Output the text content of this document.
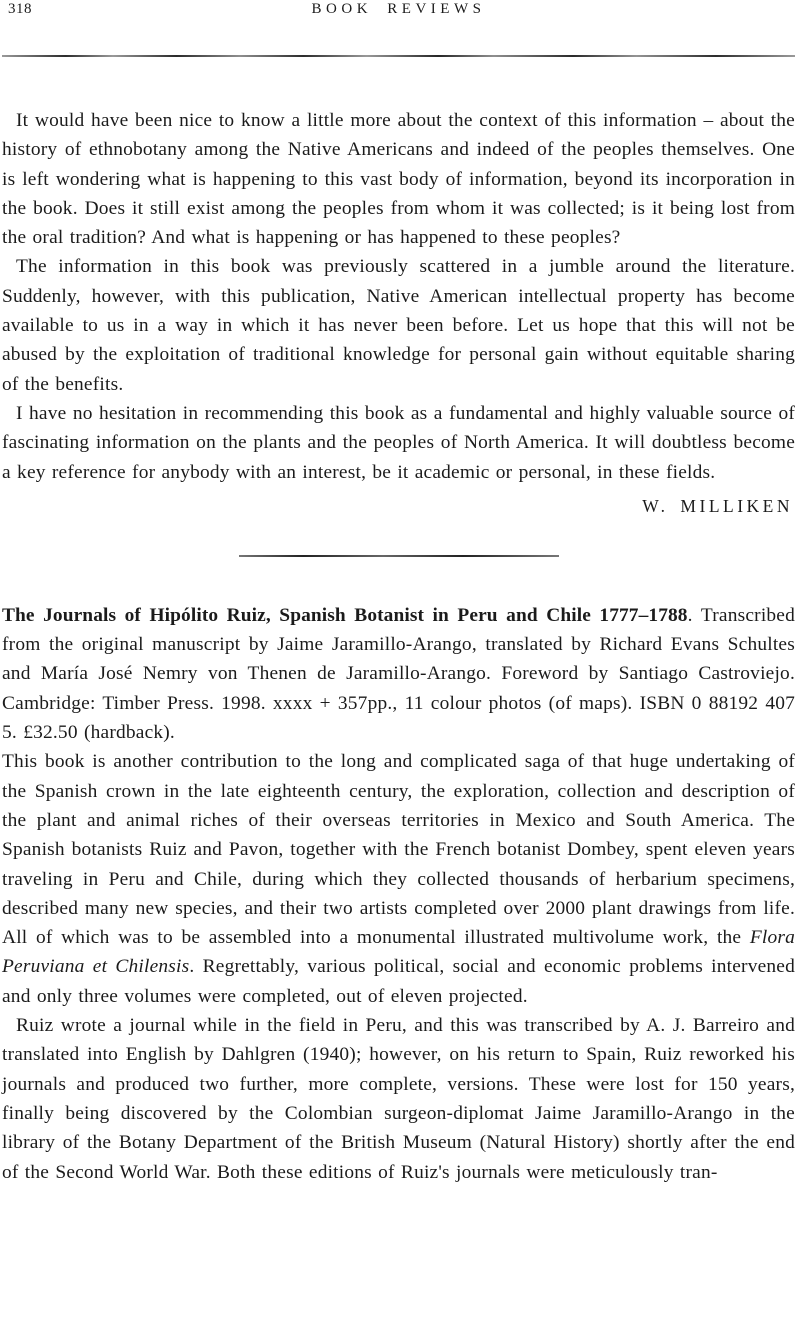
318	BOOK REVIEWS

It would have been nice to know a little more about the context of this information – about the history of ethnobotany among the Native Americans and indeed of the peoples themselves. One is left wondering what is happening to this vast body of information, beyond its incorporation in the book. Does it still exist among the peoples from whom it was collected; is it being lost from the oral tradition? And what is happening or has happened to these peoples?

The information in this book was previously scattered in a jumble around the literature. Suddenly, however, with this publication, Native American intellectual property has become available to us in a way in which it has never been before. Let us hope that this will not be abused by the exploitation of traditional knowledge for personal gain without equitable sharing of the benefits.

I have no hesitation in recommending this book as a fundamental and highly valuable source of fascinating information on the plants and the peoples of North America. It will doubtless become a key reference for anybody with an interest, be it academic or personal, in these fields.

W. MILLIKEN

The Journals of Hipólito Ruiz, Spanish Botanist in Peru and Chile 1777–1788. Transcribed from the original manuscript by Jaime Jaramillo-Arango, translated by Richard Evans Schultes and María José Nemry von Thenen de Jaramillo-Arango. Foreword by Santiago Castroviejo. Cambridge: Timber Press. 1998. xxxx + 357pp., 11 colour photos (of maps). ISBN 0 88192 407 5. £32.50 (hardback).

This book is another contribution to the long and complicated saga of that huge undertaking of the Spanish crown in the late eighteenth century, the exploration, collection and description of the plant and animal riches of their overseas territories in Mexico and South America. The Spanish botanists Ruiz and Pavon, together with the French botanist Dombey, spent eleven years traveling in Peru and Chile, during which they collected thousands of herbarium specimens, described many new species, and their two artists completed over 2000 plant drawings from life. All of which was to be assembled into a monumental illustrated multivolume work, the Flora Peruviana et Chilensis. Regrettably, various political, social and economic problems intervened and only three volumes were completed, out of eleven projected.

Ruiz wrote a journal while in the field in Peru, and this was transcribed by A. J. Barreiro and translated into English by Dahlgren (1940); however, on his return to Spain, Ruiz reworked his journals and produced two further, more complete, versions. These were lost for 150 years, finally being discovered by the Colombian surgeon-diplomat Jaime Jaramillo-Arango in the library of the Botany Department of the British Museum (Natural History) shortly after the end of the Second World War. Both these editions of Ruiz's journals were meticulously tran-
